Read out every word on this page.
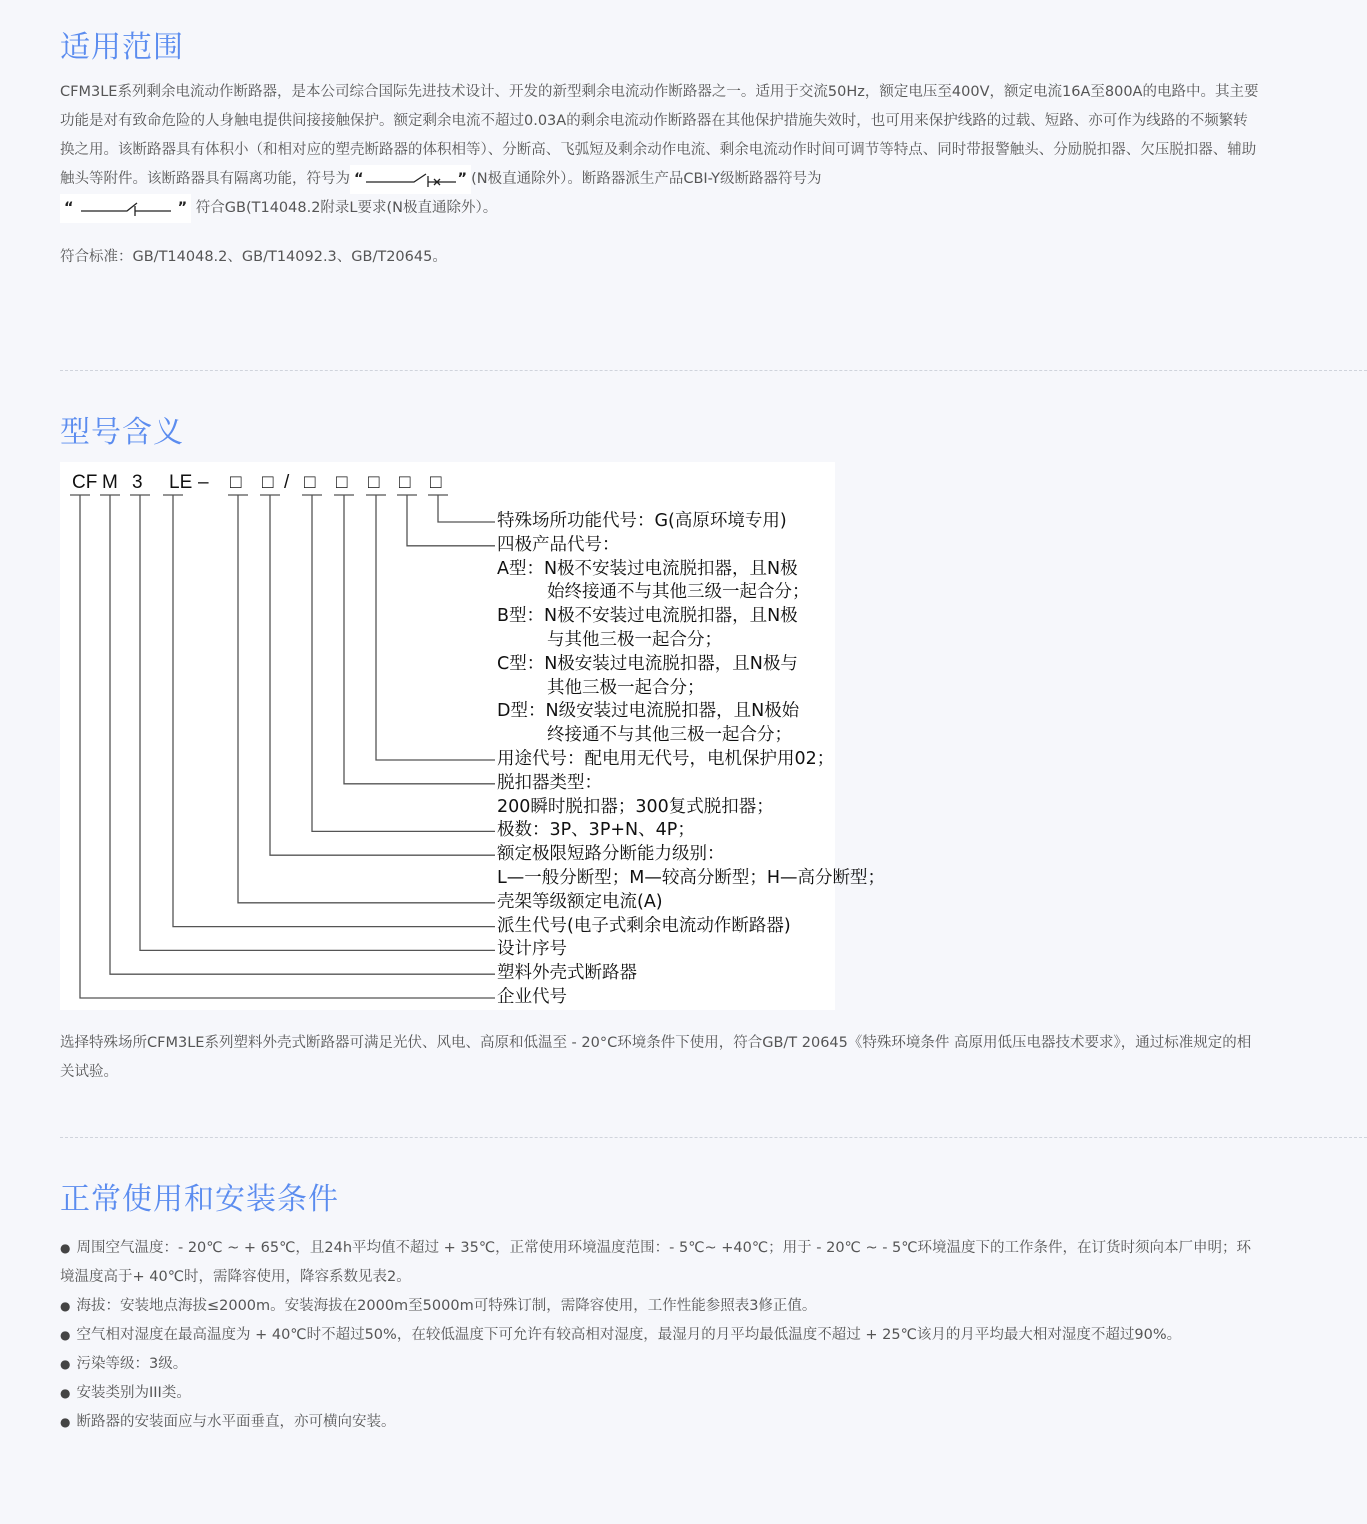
适用范围

CFM3LE系列剩余电流动作断路器，是本公司综合国际先进技术设计、开发的新型剩余电流动作断路器之一。适用于交流50Hz，额定电压至400V，额定电流16A至800A的电路中。其主要功能是对有致命危险的人身触电提供间接接触保护。额定剩余电流不超过0.03A的剩余电流动作断路器在其他保护措施失效时，也可用来保护线路的过载、短路、亦可作为线路的不频繁转换之用。该断路器具有体积小（和相对应的塑壳断路器的体积相等）、分断高、飞弧短及剩余动作电流、剩余电流动作时间可调节等特点、同时带报警触头、分励脱扣器、欠压脱扣器、辅助触头等附件。该断路器具有隔离功能，符号为 “	” (N极直通除外）。断路器派生产品CBI-Y级断路器符号为
“	” 符合GB(T14048.2附录L要求(N极直通除外）。

符合标准：GB/T14048.2、GB/T14092.3、GB/T20645。

型号含义
CF M 3 LE – □ □ / □ □ □ □ □
特殊场所功能代号：G(高原环境专用)
四极产品代号：
A型：N极不安装过电流脱扣器，且N极
始终接通不与其他三级一起合分；
B型：N极不安装过电流脱扣器，且N极
与其他三极一起合分；
C型：N极安装过电流脱扣器，且N极与
其他三极一起合分；
D型：N级安装过电流脱扣器，且N极始
终接通不与其他三极一起合分；
用途代号：配电用无代号，电机保护用02；
脱扣器类型：
200瞬时脱扣器；300复式脱扣器；
极数：3P、3P+N、4P；
额定极限短路分断能力级别：
L—一般分断型；M—较高分断型；H—高分断型；
壳架等级额定电流(A)
派生代号(电子式剩余电流动作断路器)
设计序号
塑料外壳式断路器
企业代号

选择特殊场所CFM3LE系列塑料外壳式断路器可满足光伏、风电、高原和低温至 - 20°C环境条件下使用，符合GB/T 20645《特殊环境条件 高原用低压电器技术要求》，通过标准规定的相关试验。

正常使用和安装条件
● 周围空气温度：- 20℃ ~ + 65℃，且24h平均值不超过 + 35℃，正常使用环境温度范围：- 5℃~ +40℃；用于 - 20℃ ~ - 5℃环境温度下的工作条件，在订货时须向本厂申明；环境温度高于+ 40℃时，需降容使用，降容系数见表2。
● 海拔：安装地点海拔≤2000m。安装海拔在2000m至5000m可特殊订制，需降容使用，工作性能参照表3修正值。
● 空气相对湿度在最高温度为 + 40℃时不超过50%，在较低温度下可允许有较高相对湿度，最湿月的月平均最低温度不超过 + 25℃该月的月平均最大相对湿度不超过90%。
● 污染等级：3级。
● 安装类别为III类。
● 断路器的安装面应与水平面垂直，亦可横向安装。
